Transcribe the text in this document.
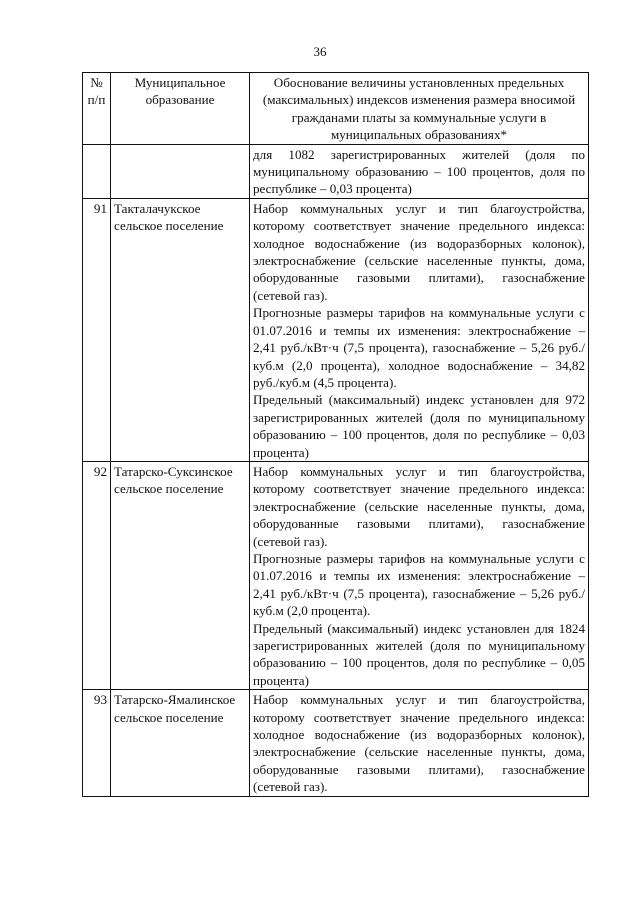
36
№ п/п	Муниципальное образование	Обоснование величины установленных предельных (максимальных) индексов изменения размера вносимой гражданами платы за коммунальные услуги в муниципальных образованиях*

		для 1082 зарегистрированных жителей (доля по муниципальному образованию – 100 процентов, доля по республике – 0,03 процента)

91	Такталачукское сельское поселение	Набор коммунальных услуг и тип благоустройства, которому соответствует значение предельного индекса: холодное водоснабжение (из водоразборных колонок), электроснабжение (сельские населенные пункты, дома, оборудованные газовыми плитами), газоснабжение (сетевой газ).

Прогнозные размеры тарифов на коммунальные услуги с 01.07.2016 и темпы их изменения: электроснабжение – 2,41 руб./кВт·ч (7,5 процента), газоснабжение – 5,26 руб./куб.м (2,0 процента), холодное водоснабжение – 34,82 руб./куб.м (4,5 процента).

Предельный (максимальный) индекс установлен для 972 зарегистрированных жителей (доля по муниципальному образованию – 100 процентов, доля по республике – 0,03 процента)

92	Татарско-Суксинское сельское поселение	Набор коммунальных услуг и тип благоустройства, которому соответствует значение предельного индекса: электроснабжение (сельские населенные пункты, дома, оборудованные газовыми плитами), газоснабжение (сетевой газ).

Прогнозные размеры тарифов на коммунальные услуги с 01.07.2016 и темпы их изменения: электроснабжение – 2,41 руб./кВт·ч (7,5 процента), газоснабжение – 5,26 руб./куб.м (2,0 процента).

Предельный (максимальный) индекс установлен для 1824 зарегистрированных жителей (доля по муниципальному образованию – 100 процентов, доля по республике – 0,05 процента)

93	Татарско-Ямалинское сельское поселение	Набор коммунальных услуг и тип благоустройства, которому соответствует значение предельного индекса: холодное водоснабжение (из водоразборных колонок), электроснабжение (сельские населенные пункты, дома, оборудованные газовыми плитами), газоснабжение (сетевой газ).
